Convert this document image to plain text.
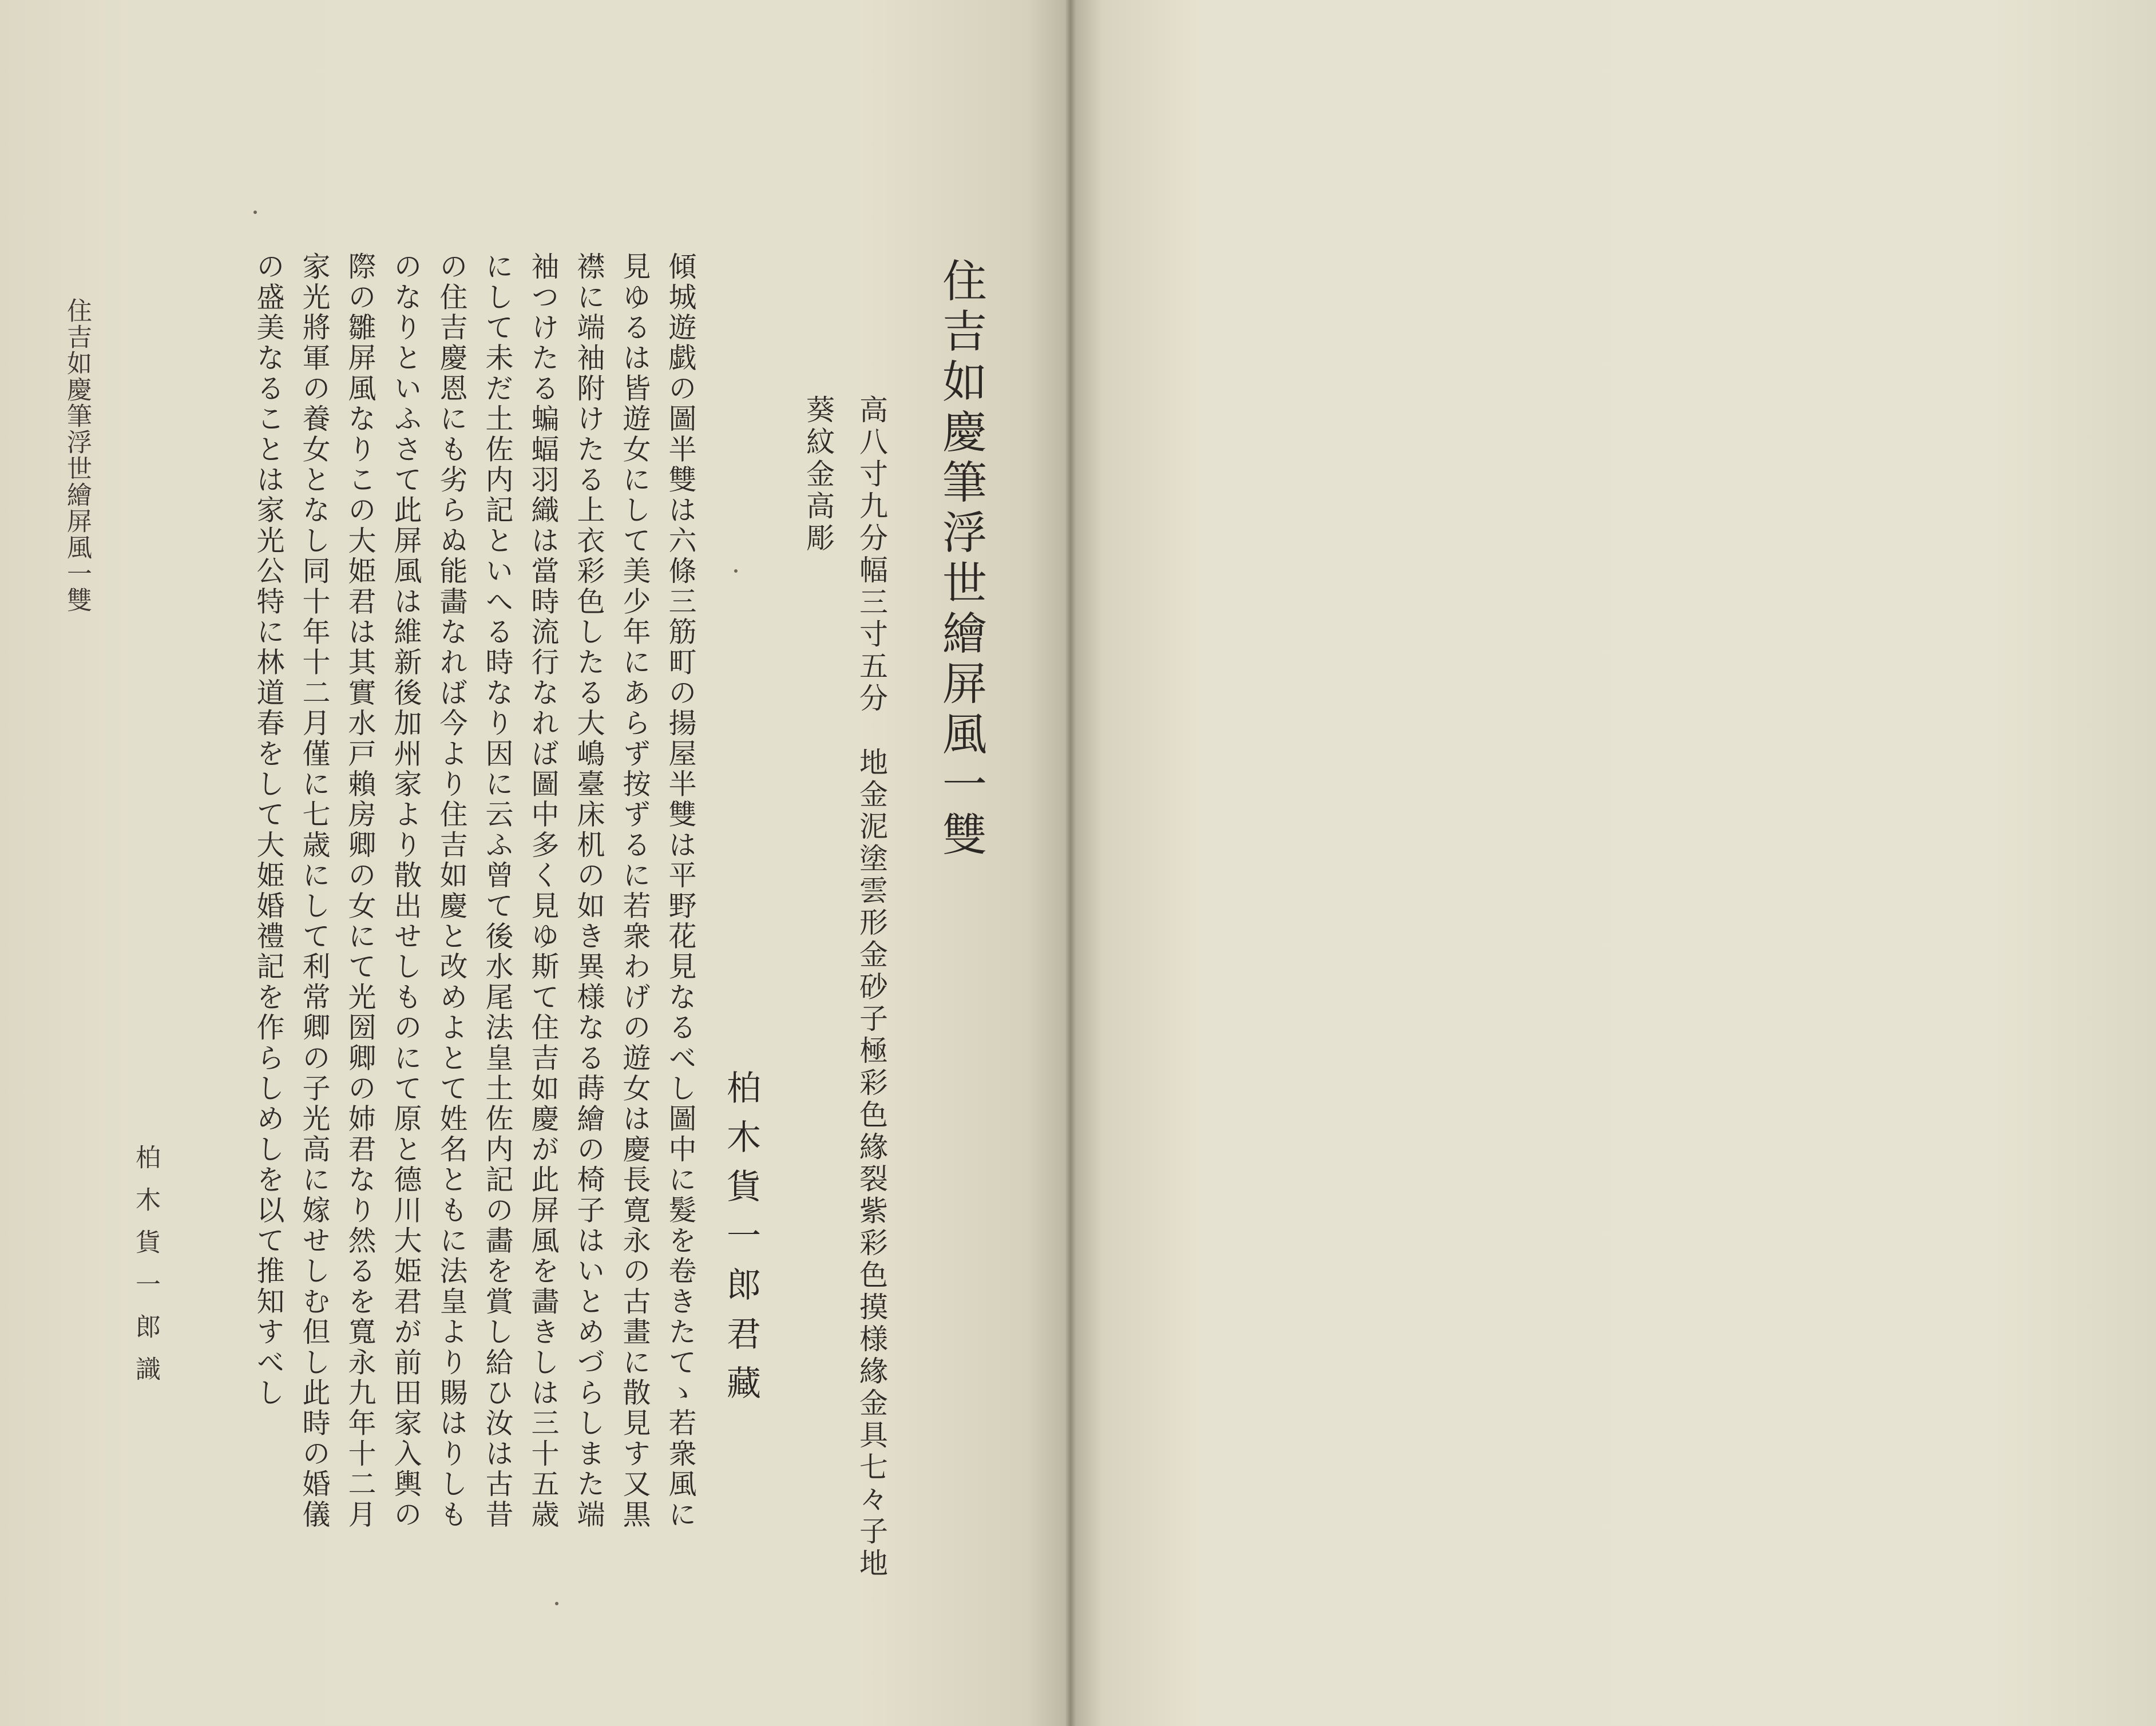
住吉如慶筆浮世繪屏風一雙	住吉如慶筆浮世繪屏風一雙
高八寸九分幅三寸五分　地金泥塗雲形金砂子極彩色緣裂紫彩色摸様緣金具七々子地
葵紋金高彫
柏木貨一郎君藏
傾城遊戯の圖半雙は六條三筋町の揚屋半雙は平野花見なるべし圖中に髮を卷きたてゝ若衆風に
見ゆるは皆遊女にして美少年にあらず按ずるに若衆わげの遊女は慶長寛永の古畫に散見す又黒
襟に端袖附けたる上衣彩色したる大嶋臺床机の如き異様なる蒔繪の椅子はいとめづらしまた端
袖つけたる蝙蝠羽織は當時流行なれば圖中多く見ゆ斯て住吉如慶が此屏風を畵きしは三十五歳
にして未だ土佐内記といへる時なり因に云ふ曾て後水尾法皇土佐内記の畵を賞し給ひ汝は古昔
の住吉慶恩にも劣らぬ能畵なれば今より住吉如慶と改めよとて姓名ともに法皇より賜はりしも
のなりといふさて此屏風は維新後加州家より散出せしものにて原と德川大姫君が前田家入輿の
際の雛屏風なりこの大姫君は其實水戸賴房卿の女にて光圀卿の姉君なり然るを寬永九年十二月
家光將軍の養女となし同十年十二月僅に七歳にして利常卿の子光高に嫁せしむ但し此時の婚儀
の盛美なることは家光公特に林道春をして大姫婚禮記を作らしめしを以て推知すべし
柏木貨一郎識
